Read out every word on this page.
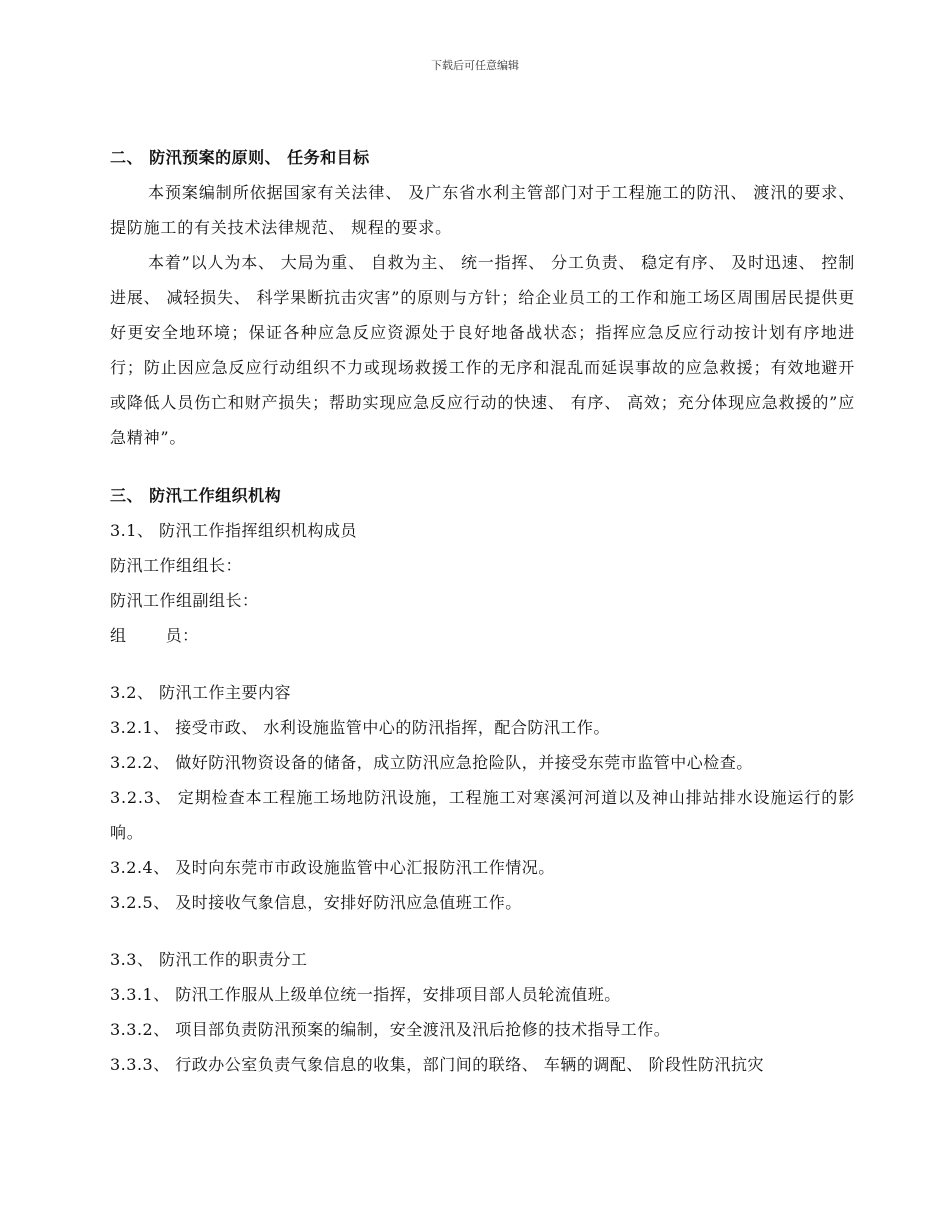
下载后可任意编辑

二、 防汛预案的原则、 任务和目标

本预案编制所依据国家有关法律、 及广东省水利主管部门对于工程施工的防汛、 渡汛的要求、 提防施工的有关技术法律规范、 规程的要求。

本着”以人为本、 大局为重、 自救为主、 统一指挥、 分工负责、 稳定有序、 及时迅速、 控制进展、 减轻损失、 科学果断抗击灾害”的原则与方针；给企业员工的工作和施工场区周围居民提供更好更安全地环境；保证各种应急反应资源处于良好地备战状态；指挥应急反应行动按计划有序地进行；防止因应急反应行动组织不力或现场救援工作的无序和混乱而延误事故的应急救援；有效地避开或降低人员伤亡和财产损失；帮助实现应急反应行动的快速、 有序、 高效；充分体现应急救援的”应急精神”。

三、 防汛工作组织机构

3.1、 防汛工作指挥组织机构成员

防汛工作组组长：

防汛工作组副组长：

组       员：

3.2、 防汛工作主要内容

3.2.1、 接受市政、 水利设施监管中心的防汛指挥，配合防汛工作。

3.2.2、 做好防汛物资设备的储备，成立防汛应急抢险队，并接受东莞市监管中心检查。

3.2.3、 定期检查本工程施工场地防汛设施，工程施工对寒溪河河道以及神山排站排水设施运行的影响。

3.2.4、 及时向东莞市市政设施监管中心汇报防汛工作情况。

3.2.5、 及时接收气象信息，安排好防汛应急值班工作。

3.3、 防汛工作的职责分工

3.3.1、 防汛工作服从上级单位统一指挥，安排项目部人员轮流值班。

3.3.2、 项目部负责防汛预案的编制，安全渡汛及汛后抢修的技术指导工作。

3.3.3、 行政办公室负责气象信息的收集，部门间的联络、 车辆的调配、 阶段性防汛抗灾
